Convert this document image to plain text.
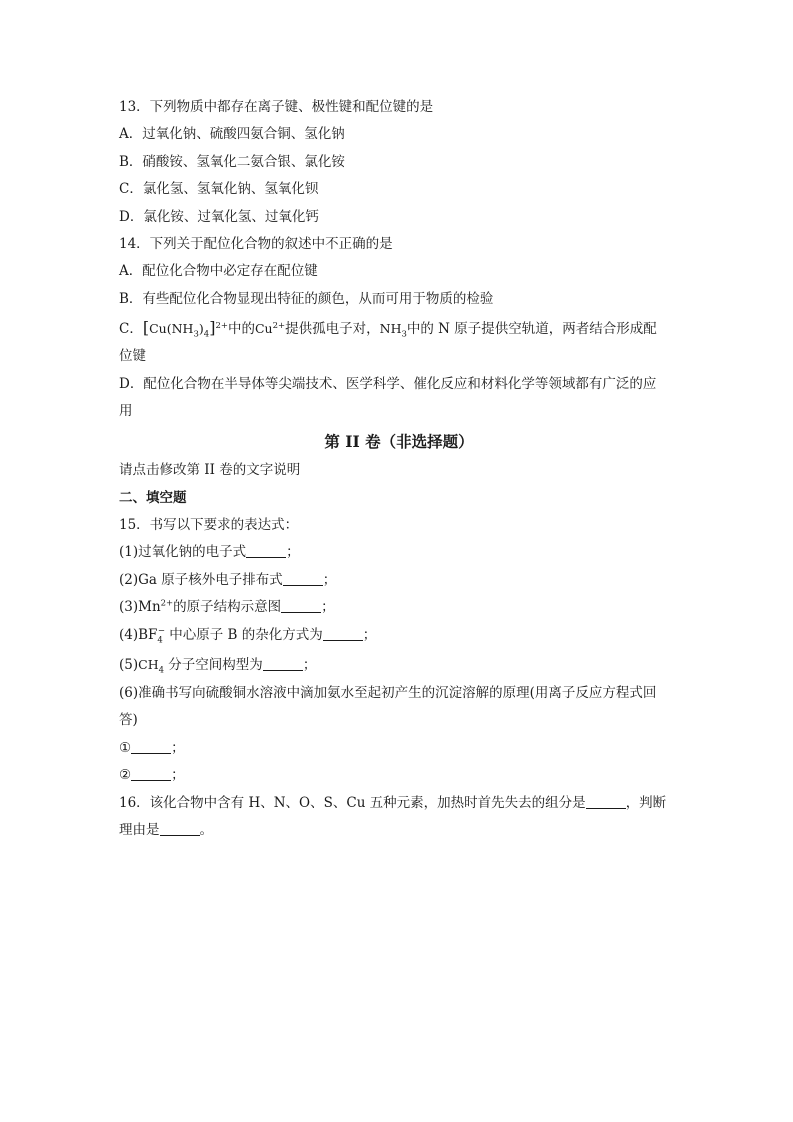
13．下列物质中都存在离子键、极性键和配位键的是
A．过氧化钠、硫酸四氨合铜、氢化钠
B．硝酸铵、氢氧化二氨合银、氯化铵
C．氯化氢、氢氧化钠、氢氧化钡
D．氯化铵、过氧化氢、过氧化钙
14．下列关于配位化合物的叙述中不正确的是
A．配位化合物中必定存在配位键
B．有些配位化合物显现出特征的颜色，从而可用于物质的检验
C．$[Cu(NH_3)_4]^{2+}$中的$Cu^{2+}$提供孤电子对，$NH_3$中的 N 原子提供空轨道，两者结合形成配
位键
D．配位化合物在半导体等尖端技术、医学科学、催化反应和材料化学等领域都有广泛的应
用
第 II 卷（非选择题）
请点击修改第 II 卷的文字说明
二、填空题
15．书写以下要求的表达式：
(1)过氧化钠的电子式	；
(2)Ga 原子核外电子排布式	；
$(3)Mn^{2+}$的原子结构示意图	；
$(4)BF_4^-$ 中心原子 B 的杂化方式为	；
$(5)CH_4$ 分子空间构型为	；
(6)准确书写向硫酸铜水溶液中滴加氨水至起初产生的沉淀溶解的原理(用离子反应方程式回
答)
①	；
②	；
16．该化合物中含有 H、N、O、S、Cu 五种元素，加热时首先失去的组分是	，判断
理由是	。
